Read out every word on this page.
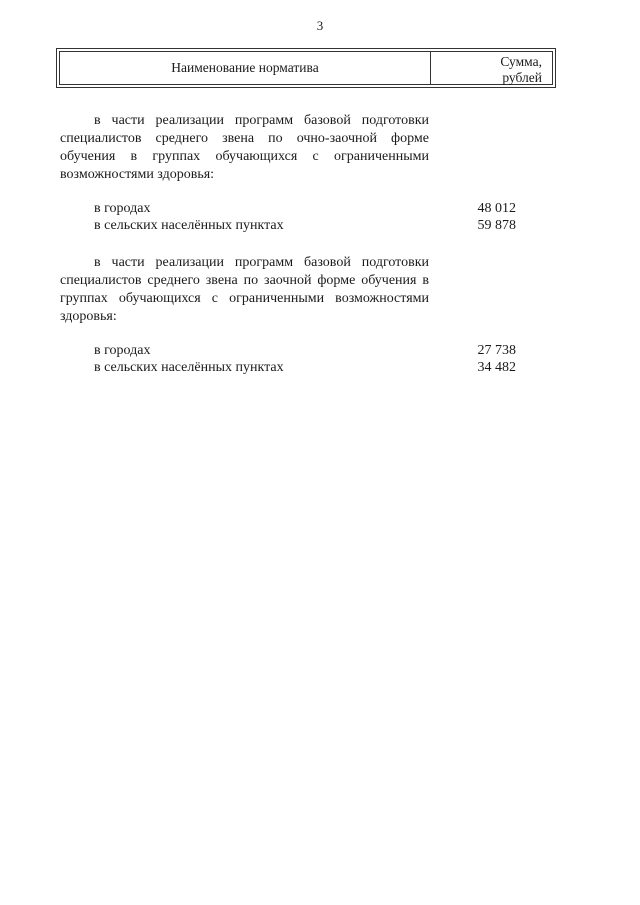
3
Наименование норматива	Сумма,
рублей
в части реализации программ базовой подготовки специалистов среднего звена по очно-заочной форме обучения в группах обучающихся с ограниченными возможностями здоровья:
в городах	48 012
в сельских населённых пунктах	59 878
в части реализации программ базовой подготовки специалистов среднего звена по заочной форме обучения в группах обучающихся с ограниченными возможностями здоровья:
в городах	27 738
в сельских населённых пунктах	34 482
